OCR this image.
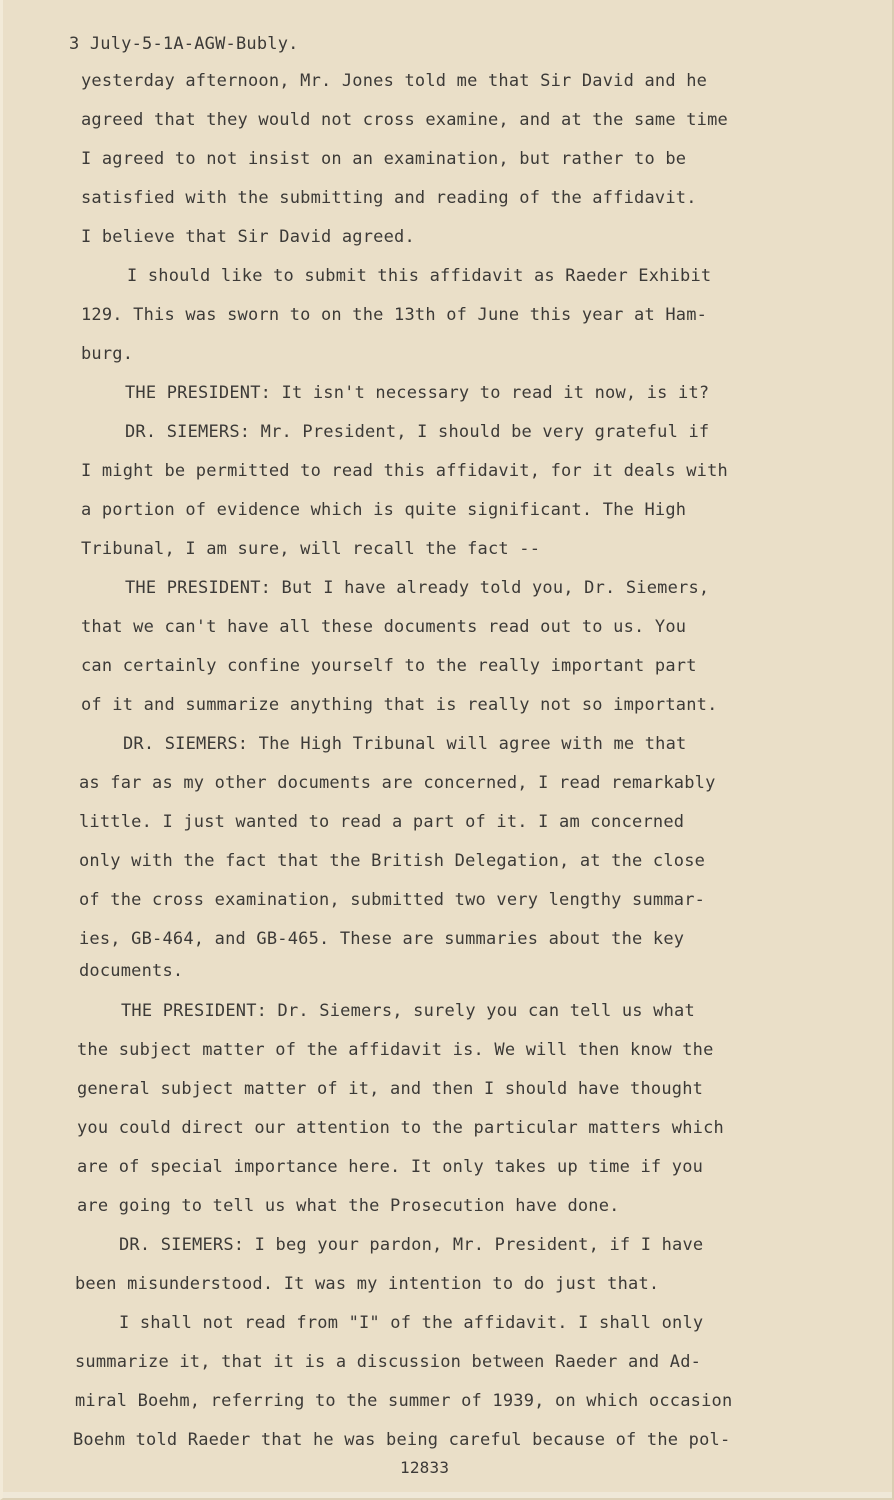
3 July-5-1A-AGW-Bubly.
yesterday afternoon, Mr. Jones told me that Sir David and he
agreed that they would not cross examine, and at the same time
I agreed to not insist on an examination, but rather to be
satisfied with the submitting and reading of the affidavit.
I believe that Sir David agreed.
I should like to submit this affidavit as Raeder Exhibit
129. This was sworn to on the 13th of June this year at Ham-
burg.
THE PRESIDENT: It isn't necessary to read it now, is it?
DR. SIEMERS: Mr. President, I should be very grateful if
I might be permitted to read this affidavit, for it deals with
a portion of evidence which is quite significant. The High
Tribunal, I am sure, will recall the fact --
THE PRESIDENT: But I have already told you, Dr. Siemers,
that we can't have all these documents read out to us. You
can certainly confine yourself to the really important part
of it and summarize anything that is really not so important.
DR. SIEMERS: The High Tribunal will agree with me that
as far as my other documents are concerned, I read remarkably
little. I just wanted to read a part of it. I am concerned
only with the fact that the British Delegation, at the close
of the cross examination, submitted two very lengthy summar-
ies, GB-464, and GB-465. These are summaries about the key
documents.
THE PRESIDENT: Dr. Siemers, surely you can tell us what
the subject matter of the affidavit is. We will then know the
general subject matter of it, and then I should have thought
you could direct our attention to the particular matters which
are of special importance here. It only takes up time if you
are going to tell us what the Prosecution have done.
DR. SIEMERS: I beg your pardon, Mr. President, if I have
been misunderstood. It was my intention to do just that.
I shall not read from "I" of the affidavit. I shall only
summarize it, that it is a discussion between Raeder and Ad-
miral Boehm, referring to the summer of 1939, on which occasion
Boehm told Raeder that he was being careful because of the pol-
12833
